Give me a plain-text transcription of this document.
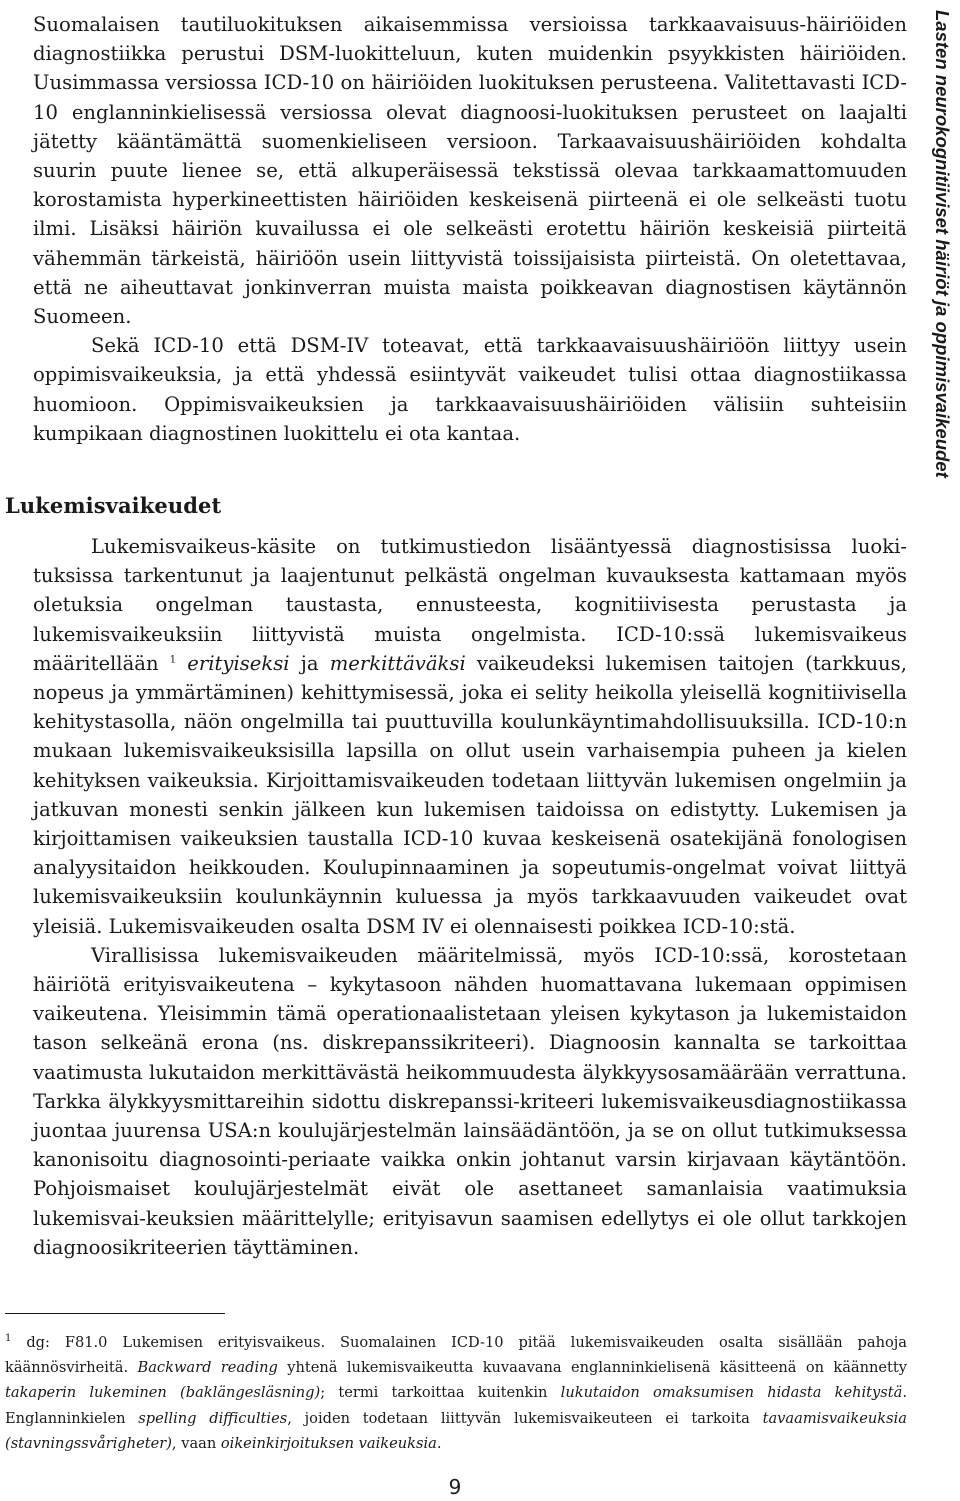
Lasten neurokognitiiviset häiriöt ja oppimisvaikeudet

Suomalaisen tautiluokituksen aikaisemmissa versioissa tarkkaavaisuus-häiriöiden diagnostiikka perustui DSM-luokitteluun, kuten muidenkin psyykkisten häiriöiden. Uusimmassa versiossa ICD-10 on häiriöiden luokituksen perusteena. Valitettavasti ICD-10 englanninkielisessä versiossa olevat diagnoosi-luokituksen perusteet on laajalti jätetty kääntämättä suomenkieliseen versioon. Tarkaavaisuushäiriöiden kohdalta suurin puute lienee se, että alkuperäisessä tekstissä olevaa tarkkaamattomuuden korostamista hyperkineettisten häiriöiden keskeisenä piirteenä ei ole selkeästi tuotu ilmi. Lisäksi häiriön kuvailussa ei ole selkeästi erotettu häiriön keskeisiä piirteitä vähemmän tärkeistä, häiriöön usein liittyvistä toissijaisista piirteistä. On oletettavaa, että ne aiheuttavat jonkinverran muista maista poikkeavan diagnostisen käytännön Suomeen.

Sekä ICD-10 että DSM-IV toteavat, että tarkkaavaisuushäiriöön liittyy usein oppimisvaikeuksia, ja että yhdessä esiintyvät vaikeudet tulisi ottaa diagnostiikassa huomioon. Oppimisvaikeuksien ja tarkkaavaisuushäiriöiden välisiin suhteisiin kumpikaan diagnostinen luokittelu ei ota kantaa.

Lukemisvaikeudet

Lukemisvaikeus-käsite on tutkimustiedon lisääntyessä diagnostisissa luokituksissa tarkentunut ja laajentunut pelkästä ongelman kuvauksesta kattamaan myös oletuksia ongelman taustasta, ennusteesta, kognitiivisesta perustasta ja lukemisvaikeuksiin liittyvistä muista ongelmista. ICD-10:ssä lukemisvaikeus määritellään $^1$ erityiseksi ja merkittäväksi vaikeudeksi lukemisen taitojen (tarkkuus, nopeus ja ymmärtäminen) kehittymisessä, joka ei selity heikolla yleisellä kognitiivisella kehitystasolla, näön ongelmilla tai puuttuvilla koulunkäyntimahdollisuuksilla. ICD-10:n mukaan lukemisvaikeuksisilla lapsilla on ollut usein varhaisempia puheen ja kielen kehityksen vaikeuksia. Kirjoittamisvaikeuden todetaan liittyvän lukemisen ongelmiin ja jatkuvan monesti senkin jälkeen kun lukemisen taidoissa on edistytty. Lukemisen ja kirjoittamisen vaikeuksien taustalla ICD-10 kuvaa keskeisenä osatekijänä fonologisen analyysitaidon heikkouden. Koulupinnaaminen ja sopeutumis-ongelmat voivat liittyä lukemisvaikeuksiin koulunkäynnin kuluessa ja myös tarkkaavuuden vaikeudet ovat yleisiä. Lukemisvaikeuden osalta DSM IV ei olennaisesti poikkea ICD-10:stä.

Virallisissa lukemisvaikeuden määritelmissä, myös ICD-10:ssä, korostetaan häiriötä erityisvaikeutena – kykytasoon nähden huomattavana lukemaan oppimisen vaikeutena. Yleisimmin tämä operationaalistetaan yleisen kykytason ja lukemistaidon tason selkeänä erona (ns. diskrepanssikriteeri). Diagnoosin kannalta se tarkoittaa vaatimusta lukutaidon merkittävästä heikommuudesta älykkyysosamäärään verrattuna. Tarkka älykkyysmittareihin sidottu diskrepanssi-kriteeri lukemisvaikeusdiagnostiikassa juontaa juurensa USA:n koulujärjestelmän lainsäädäntöön, ja se on ollut tutkimuksessa kanonisoitu diagnosointi-periaate vaikka onkin johtanut varsin kirjavaan käytäntöön. Pohjoismaiset koulujärjestelmät eivät ole asettaneet samanlaisia vaatimuksia lukemisvai-keuksien määrittelylle; erityisavun saamisen edellytys ei ole ollut tarkkojen diagnoosikriteerien täyttäminen.

$^1$ dg: F81.0 Lukemisen erityisvaikeus. Suomalainen ICD-10 pitää lukemisvaikeuden osalta sisällään pahoja käännösvirheitä. Backward reading yhtenä lukemisvaikeutta kuvaavana englanninkielisenä käsitteenä on käännetty takaperin lukeminen (baklängesläsning); termi tarkoittaa kuitenkin lukutaidon omaksumisen hidasta kehitystä. Englanninkielen spelling difficulties, joiden todetaan liittyvän lukemisvaikeuteen ei tarkoita tavaamisvaikeuksia (stavningssvårigheter), vaan oikeinkirjoituksen vaikeuksia.

9
